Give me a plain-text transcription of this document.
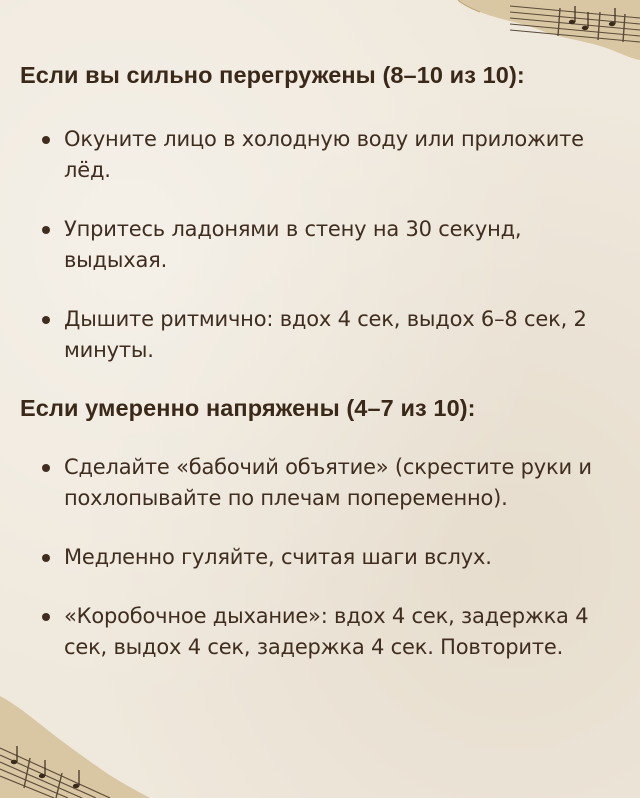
Если вы сильно перегружены (8–10 из 10):
Окуните лицо в холодную воду или приложите лёд.
Упритесь ладонями в стену на 30 секунд, выдыхая.
Дышите ритмично: вдох 4 сек, выдох 6–8 сек, 2 минуты.
Если умеренно напряжены (4–7 из 10):
Сделайте «бабочий объятие» (скрестите руки и похлопывайте по плечам попеременно).
Медленно гуляйте, считая шаги вслух.
«Коробочное дыхание»: вдох 4 сек, задержка 4 сек, выдох 4 сек, задержка 4 сек. Повторите.
